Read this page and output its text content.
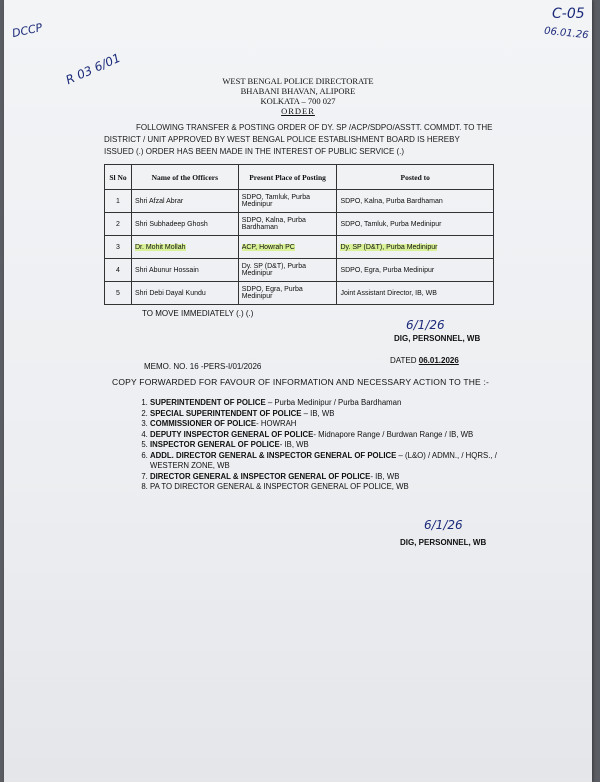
DCCP
C-05
06.01.26
R 03 6/01	WEST BENGAL POLICE DIRECTORATE
BHABANI BHAVAN, ALIPORE
KOLKATA – 700 027
ORDER

FOLLOWING TRANSFER & POSTING ORDER OF DY. SP /ACP/SDPO/ASSTT. COMMDT. TO THE DISTRICT / UNIT APPROVED BY WEST BENGAL POLICE ESTABLISHMENT BOARD IS HEREBY

ISSUED (.) ORDER HAS BEEN MADE IN THE INTEREST OF PUBLIC SERVICE (.)

Sl No	Name of the Officers	Present Place of Posting	Posted to
1	Shri Afzal Abrar	SDPO, Tamluk, Purba Medinipur	SDPO, Kalna, Purba Bardhaman
2	Shri Subhadeep Ghosh	SDPO, Kalna, Purba Bardhaman	SDPO, Tamluk, Purba Medinipur
3	Dr. Mohit Mollah	ACP, Howrah PC	Dy. SP (D&T), Purba Medinipur
4	Shri Abunur Hossain	Dy. SP (D&T), Purba Medinipur	SDPO, Egra, Purba Medinipur
5	Shri Debi Dayal Kundu	SDPO, Egra, Purba Medinipur	Joint Assistant Director, IB, WB
TO MOVE IMMEDIATELY (.) (.)
6/1/26
DIG, PERSONNEL, WB
DATED 06.01.2026
MEMO. NO. 16 -PERS-I/01/2026
COPY FORWARDED FOR FAVOUR OF INFORMATION AND NECESSARY ACTION TO THE :-
1. SUPERINTENDENT OF POLICE – Purba Medinipur / Purba Bardhaman
2. SPECIAL SUPERINTENDENT OF POLICE – IB, WB
3. COMMISSIONER OF POLICE- HOWRAH
4. DEPUTY INSPECTOR GENERAL OF POLICE- Midnapore Range / Burdwan Range / IB, WB
5. INSPECTOR GENERAL OF POLICE- IB, WB
6. ADDL. DIRECTOR GENERAL & INSPECTOR GENERAL OF POLICE – (L&O) / ADMN., / HQRS., / WESTERN ZONE, WB
7. DIRECTOR GENERAL & INSPECTOR GENERAL OF POLICE- IB, WB
8. PA TO DIRECTOR GENERAL & INSPECTOR GENERAL OF POLICE, WB
6/1/26
DIG, PERSONNEL, WB
